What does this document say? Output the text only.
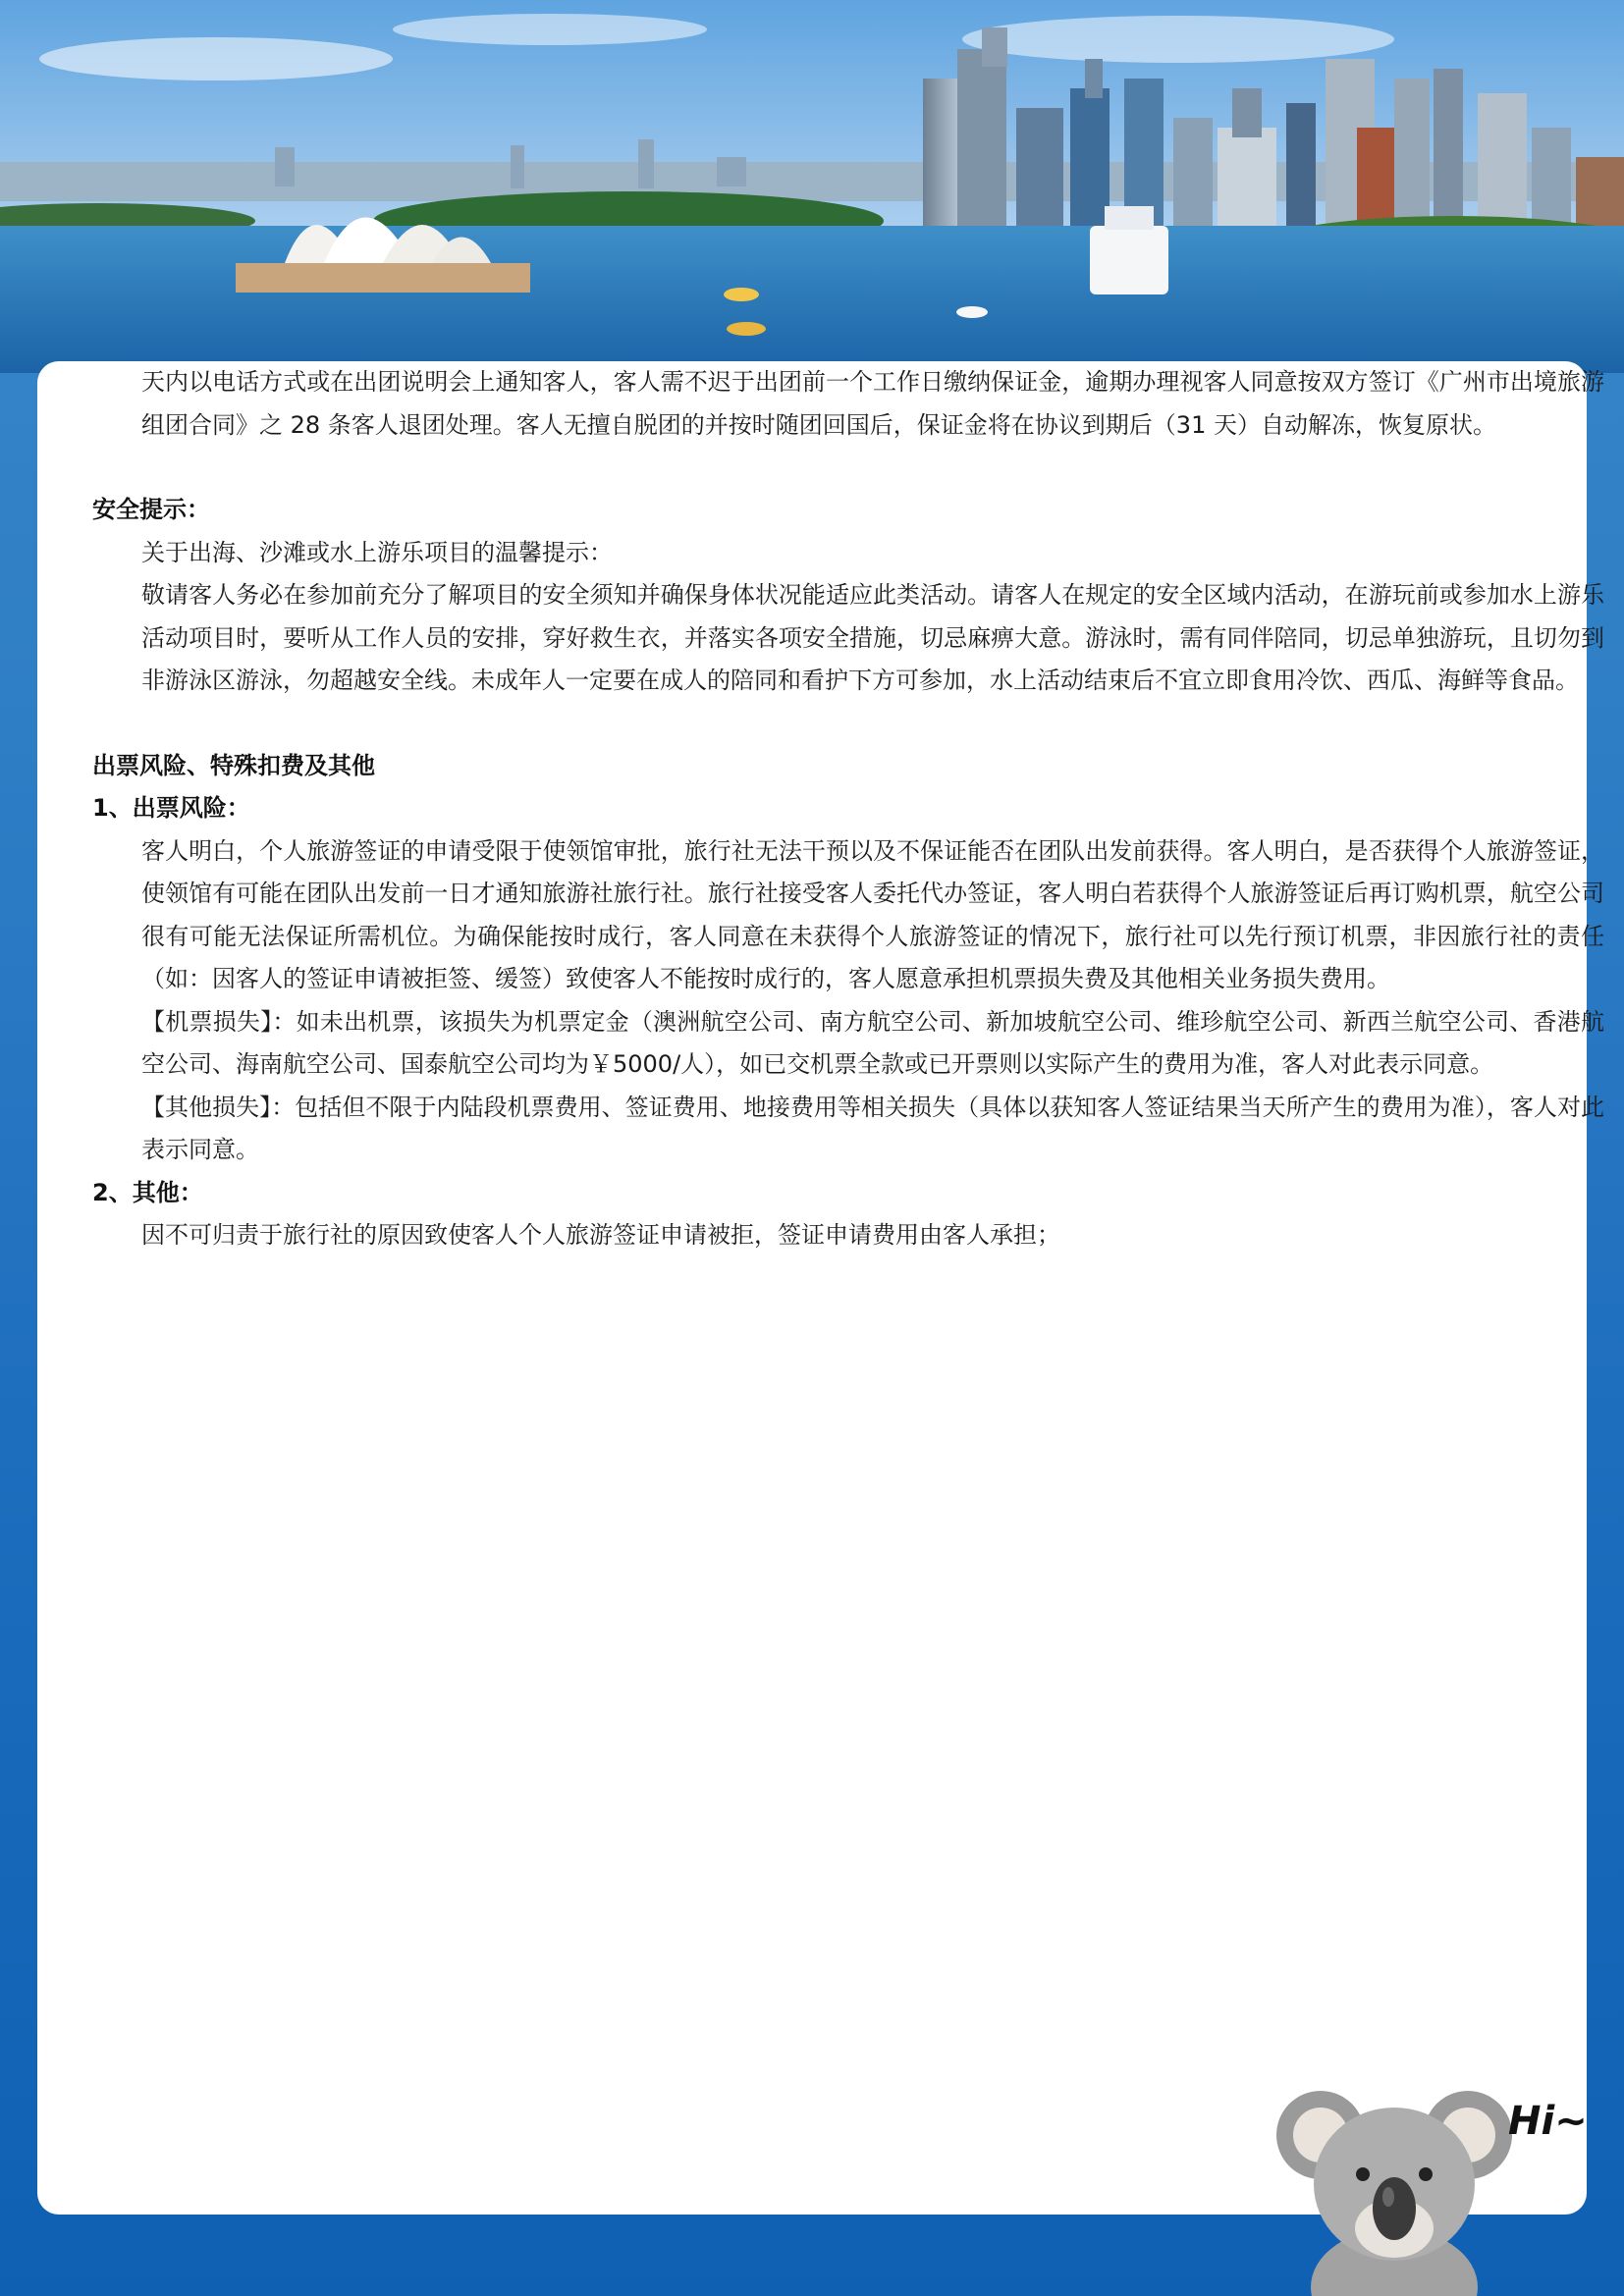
天内以电话方式或在出团说明会上通知客人，客人需不迟于出团前一个工作日缴纳保证金，逾期办理视客人同意按双方签订《广州市出境旅游组团合同》之 28 条客人退团处理。客人无擅自脱团的并按时随团回国后，保证金将在协议到期后（31 天）自动解冻，恢复原状。

安全提示：

关于出海、沙滩或水上游乐项目的温馨提示：

敬请客人务必在参加前充分了解项目的安全须知并确保身体状况能适应此类活动。请客人在规定的安全区域内活动，在游玩前或参加水上游乐活动项目时，要听从工作人员的安排，穿好救生衣，并落实各项安全措施，切忌麻痹大意。游泳时，需有同伴陪同，切忌单独游玩，且切勿到非游泳区游泳，勿超越安全线。未成年人一定要在成人的陪同和看护下方可参加，水上活动结束后不宜立即食用冷饮、西瓜、海鲜等食品。

出票风险、特殊扣费及其他

1、出票风险：

客人明白，个人旅游签证的申请受限于使领馆审批，旅行社无法干预以及不保证能否在团队出发前获得。客人明白，是否获得个人旅游签证，使领馆有可能在团队出发前一日才通知旅游社旅行社。旅行社接受客人委托代办签证，客人明白若获得个人旅游签证后再订购机票，航空公司很有可能无法保证所需机位。为确保能按时成行，客人同意在未获得个人旅游签证的情况下，旅行社可以先行预订机票，非因旅行社的责任（如：因客人的签证申请被拒签、缓签）致使客人不能按时成行的，客人愿意承担机票损失费及其他相关业务损失费用。

【机票损失】：如未出机票，该损失为机票定金（澳洲航空公司、南方航空公司、新加坡航空公司、维珍航空公司、新西兰航空公司、香港航空公司、海南航空公司、国泰航空公司均为￥5000/人），如已交机票全款或已开票则以实际产生的费用为准，客人对此表示同意。

【其他损失】：包括但不限于内陆段机票费用、签证费用、地接费用等相关损失（具体以获知客人签证结果当天所产生的费用为准），客人对此表示同意。

2、其他：

因不可归责于旅行社的原因致使客人个人旅游签证申请被拒，签证申请费用由客人承担；

Hi~
